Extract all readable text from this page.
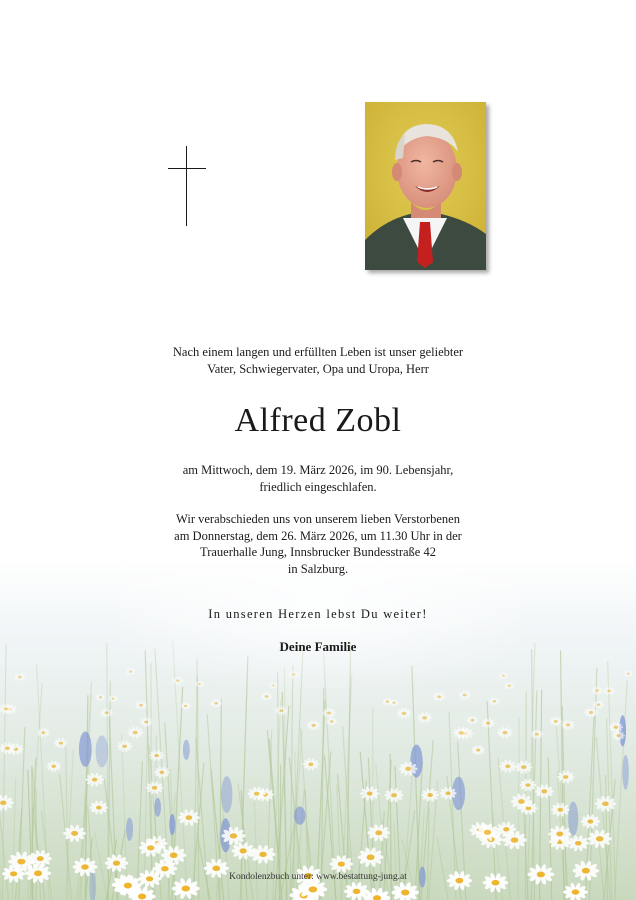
Nach einem langen und erfüllten Leben ist unser geliebter
Vater, Schwiegervater, Opa und Uropa, Herr
Alfred Zobl
am Mittwoch, dem 19. März 2026, im 90. Lebensjahr,
friedlich eingeschlafen.
Wir verabschieden uns von unserem lieben Verstorbenen
am Donnerstag, dem 26. März 2026, um 11.30 Uhr in der
Trauerhalle Jung, Innsbrucker Bundesstraße 42
in Salzburg.
In unseren Herzen lebst Du weiter!
Deine Familie
Kondolenzbuch unter: www.bestattung-jung.at
